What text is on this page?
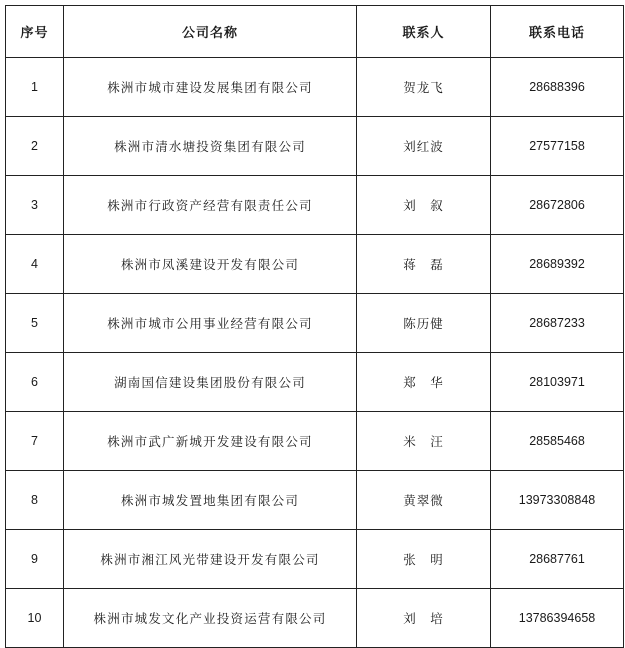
序号	公司名称	联系人	联系电话
1	株洲市城市建设发展集团有限公司	贺龙飞	28688396
2	株洲市清水塘投资集团有限公司	刘红波	27577158
3	株洲市行政资产经营有限责任公司	刘　叙	28672806
4	株洲市凤溪建设开发有限公司	蒋　磊	28689392
5	株洲市城市公用事业经营有限公司	陈历健	28687233
6	湖南国信建设集团股份有限公司	郑　华	28103971
7	株洲市武广新城开发建设有限公司	米　汪	28585468
8	株洲市城发置地集团有限公司	黄翠微	13973308848
9	株洲市湘江风光带建设开发有限公司	张　明	28687761
10	株洲市城发文化产业投资运营有限公司	刘　培	13786394658
